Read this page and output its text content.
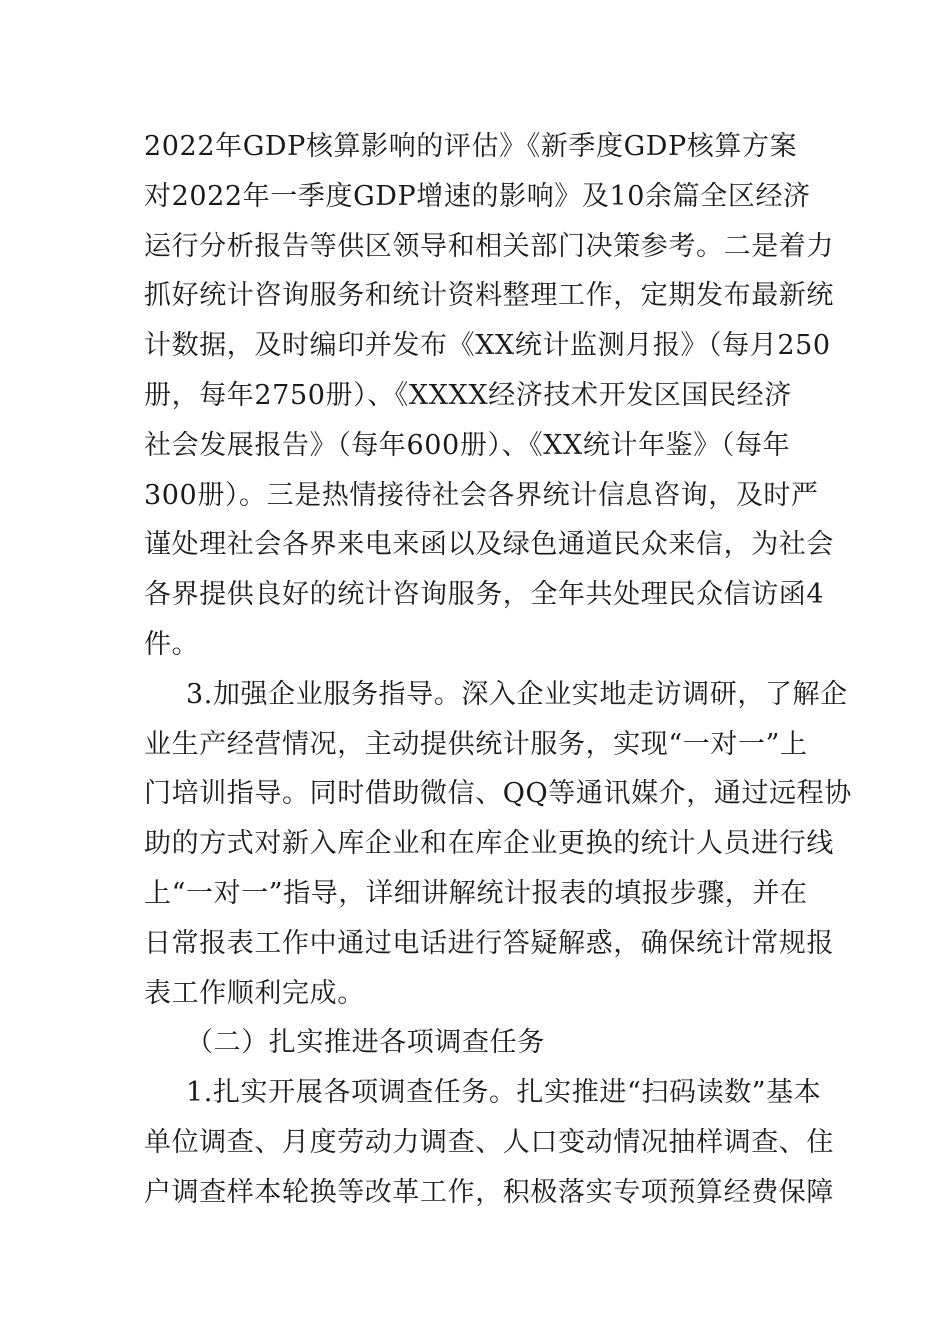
2022年GDP核算影响的评估》《新季度GDP核算方案
对2022年一季度GDP增速的影响》及10余篇全区经济
运行分析报告等供区领导和相关部门决策参考。二是着力
抓好统计咨询服务和统计资料整理工作，定期发布最新统
计数据，及时编印并发布《XX统计监测月报》（每月250
册，每年2750册）、《XXXX经济技术开发区国民经济
社会发展报告》（每年600册）、《XX统计年鉴》（每年
300册）。三是热情接待社会各界统计信息咨询，及时严
谨处理社会各界来电来函以及绿色通道民众来信，为社会
各界提供良好的统计咨询服务，全年共处理民众信访函4
件。
3.加强企业服务指导。深入企业实地走访调研，了解企
业生产经营情况，主动提供统计服务，实现“一对一”上
门培训指导。同时借助微信、QQ等通讯媒介，通过远程协
助的方式对新入库企业和在库企业更换的统计人员进行线
上“一对一”指导，详细讲解统计报表的填报步骤，并在
日常报表工作中通过电话进行答疑解惑，确保统计常规报
表工作顺利完成。
（二）扎实推进各项调查任务
1.扎实开展各项调查任务。扎实推进“扫码读数”基本
单位调查、月度劳动力调查、人口变动情况抽样调查、住
户调查样本轮换等改革工作，积极落实专项预算经费保障
